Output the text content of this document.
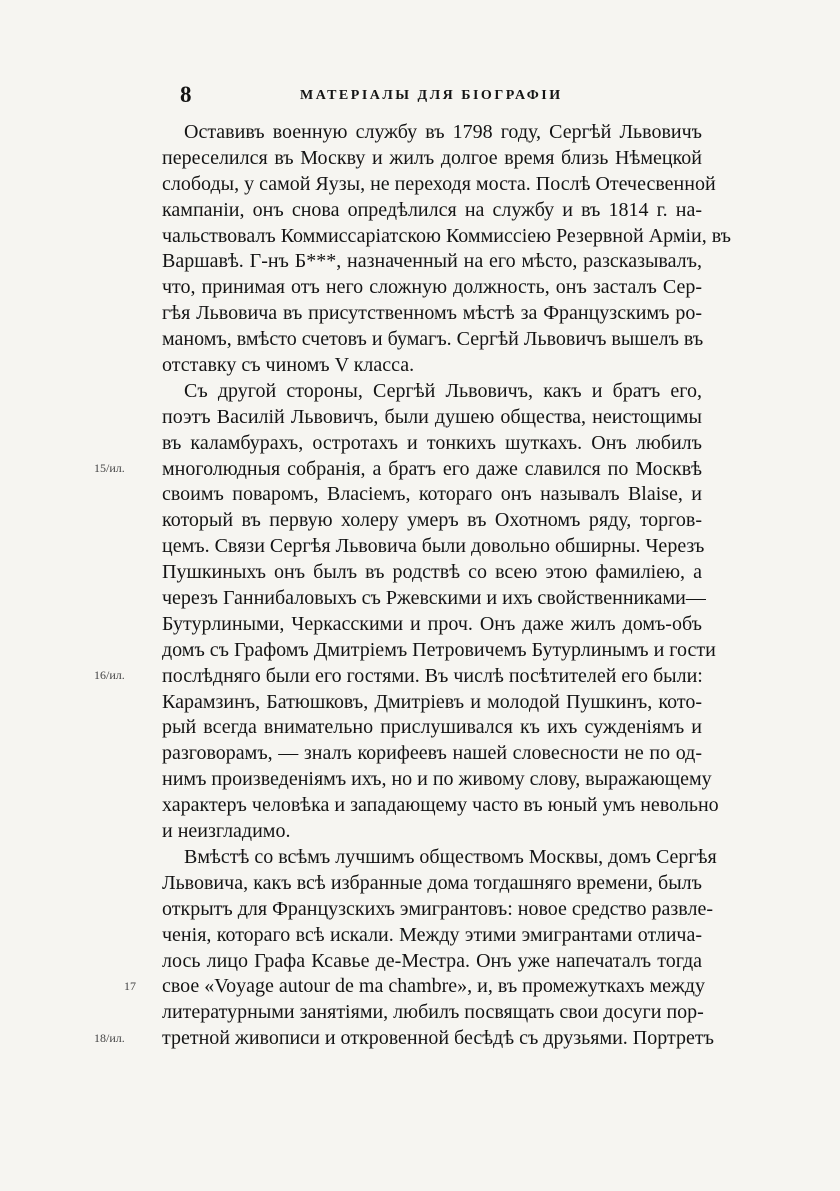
8	МАТЕРІАЛЫ ДЛЯ БІОГРАФІИ
Оставивъ военную службу въ 1798 году, Сергѣй Львовичъ
переселился въ Москву и жилъ долгое время близь Нѣмецкой
слободы, у самой Яузы, не переходя моста. Послѣ Отечесвенной
кампаніи, онъ снова опредѣлился на службу и въ 1814 г. на-
чальствовалъ Коммиссаріатскою Коммиссіею Резервной Арміи, въ
Варшавѣ. Г-нъ Б***, назначенный на его мѣсто, разсказывалъ,
что, принимая отъ него сложную должность, онъ засталъ Сер-
гѣя Львовича въ присутственномъ мѣстѣ за Французскимъ ро-
маномъ, вмѣсто счетовъ и бумагъ. Сергѣй Львовичъ вышелъ въ
отставку съ чиномъ V класса.
Съ другой стороны, Сергѣй Львовичъ, какъ и братъ его,
поэтъ Василій Львовичъ, были душею общества, неистощимы
въ каламбурахъ, остротахъ и тонкихъ шуткахъ. Онъ любилъ
многолюдныя собранія, а братъ его даже славился по Москвѣ
своимъ поваромъ, Власіемъ, котораго онъ называлъ Blaise, и
который въ первую холеру умеръ въ Охотномъ ряду, торгов-
цемъ. Связи Сергѣя Львовича были довольно обширны. Черезъ
Пушкиныхъ онъ былъ въ родствѣ со всею этою фамиліею, а
черезъ Ганнибаловыхъ съ Ржевскими и ихъ свойственниками—
Бутурлиными, Черкасскими и проч. Онъ даже жилъ домъ-объ
домъ съ Графомъ Дмитріемъ Петровичемъ Бутурлинымъ и гости
послѣдняго были его гостями. Въ числѣ посѣтителей его были:
Карамзинъ, Батюшковъ, Дмитріевъ и молодой Пушкинъ, кото-
рый всегда внимательно прислушивался къ ихъ сужденіямъ и
разговорамъ, — зналъ корифеевъ нашей словесности не по од-
нимъ произведеніямъ ихъ, но и по живому слову, выражающему
характеръ человѣка и западающему часто въ юный умъ невольно
и неизгладимо.
Вмѣстѣ со всѣмъ лучшимъ обществомъ Москвы, домъ Сергѣя
Львовича, какъ всѣ избранные дома тогдашняго времени, былъ
открытъ для Французскихъ эмигрантовъ: новое средство развле-
ченія, котораго всѣ искали. Между этими эмигрантами отлича-
лось лицо Графа Ксавье де-Местра. Онъ уже напечаталъ тогда
свое «Voyage autour de ma chambre», и, въ промежуткахъ между
литературными занятіями, любилъ посвящать свои досуги пор-
третной живописи и откровенной бесѣдѣ съ друзьями. Портретъ
15/ил.
16/ил.
17
18/ил.
